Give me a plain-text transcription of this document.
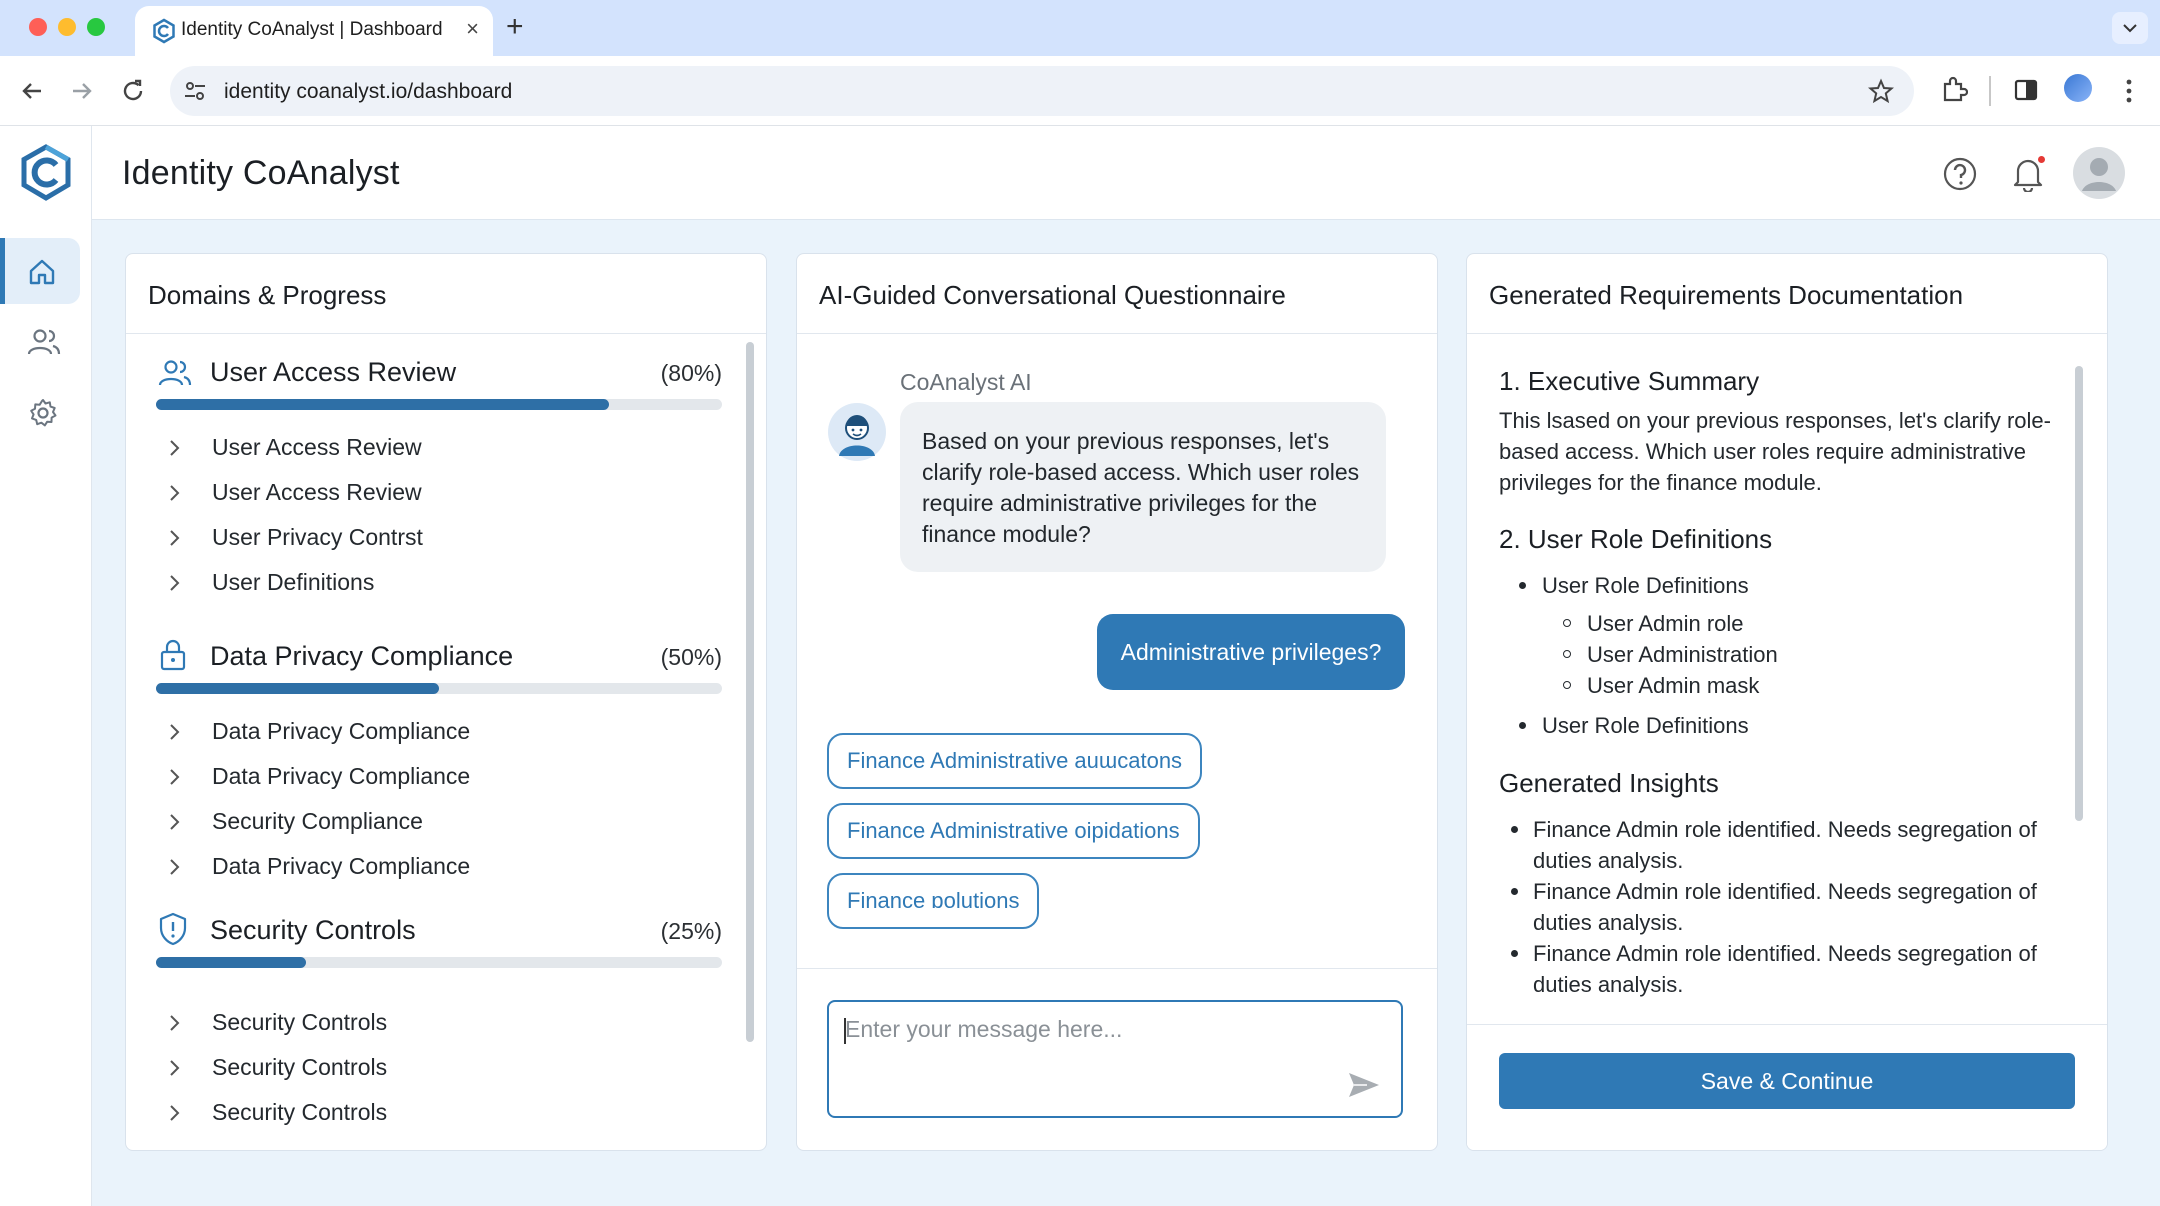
Identity CoAnalyst | Dashboard × +
identity coanalyst.io/dashboard
Identity CoAnalyst
Domains & Progress
User Access Review	(80%)
User Access Review
User Access Review
User Privacy Contrst
User Definitions
Data Privacy Compliance	(50%)
Data Privacy Compliance
Data Privacy Compliance
Security Compliance
Data Privacy Compliance
Security Controls	(25%)
Security Controls
Security Controls
Security Controls
AI-Guided Conversational Questionnaire
CoAnalyst AI
Based on your previous responses, let's clarify role-based access. Which user roles require administrative privileges for the finance module?
Administrative privileges?
Finance Administrative auɯcatons
Finance Administrative oipidations
Finance ɒolutions
Enter your message here...
Generated Requirements Documentation
1. Executive Summary
This lsased on your previous responses, let's clarify role-based access. Which user roles require administrative privileges for the finance module.
2. User Role Definitions
User Role Definitions
User Admin role
User Administration
User Admin mask
User Role Definitions
Generated Insights
Finance Admin role identified. Needs segregation of duties analysis.
Finance Admin role identified. Needs segregation of duties analysis.
Finance Admin role identified. Needs segregation of duties analysis.
Save & Continue
